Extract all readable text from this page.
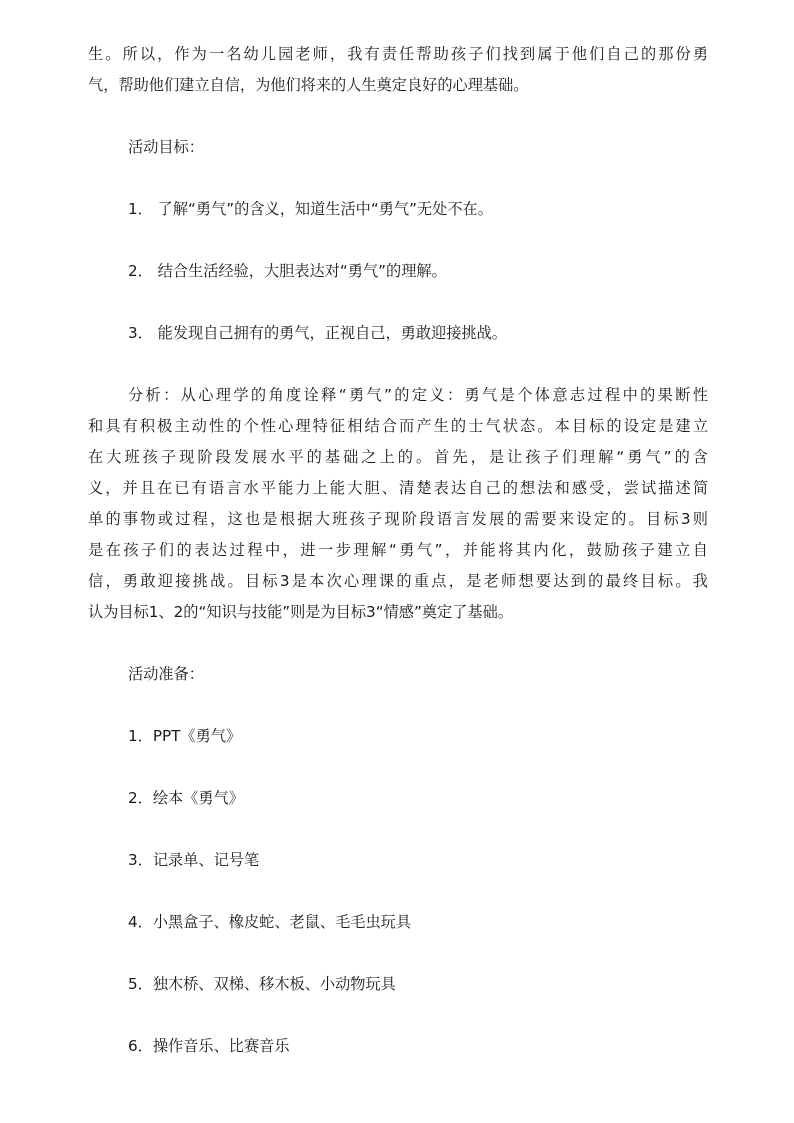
生。所以，作为一名幼儿园老师，我有责任帮助孩子们找到属于他们自己的那份勇
气，帮助他们建立自信，为他们将来的人生奠定良好的心理基础。
活动目标：
1． 了解“勇气”的含义，知道生活中“勇气”无处不在。
2． 结合生活经验，大胆表达对“勇气”的理解。
3． 能发现自己拥有的勇气，正视自己，勇敢迎接挑战。
分析：从心理学的角度诠释“勇气”的定义：勇气是个体意志过程中的果断性
和具有积极主动性的个性心理特征相结合而产生的士气状态。本目标的设定是建立
在大班孩子现阶段发展水平的基础之上的。首先，是让孩子们理解“勇气”的含
义，并且在已有语言水平能力上能大胆、清楚表达自己的想法和感受，尝试描述简
单的事物或过程，这也是根据大班孩子现阶段语言发展的需要来设定的。目标3则
是在孩子们的表达过程中，进一步理解“勇气”，并能将其内化，鼓励孩子建立自
信，勇敢迎接挑战。目标3是本次心理课的重点，是老师想要达到的最终目标。我
认为目标1、2的“知识与技能”则是为目标3“情感”奠定了基础。
活动准备：
1．PPT《勇气》
2．绘本《勇气》
3．记录单、记号笔
4．小黑盒子、橡皮蛇、老鼠、毛毛虫玩具
5．独木桥、双梯、移木板、小动物玩具
6．操作音乐、比赛音乐
